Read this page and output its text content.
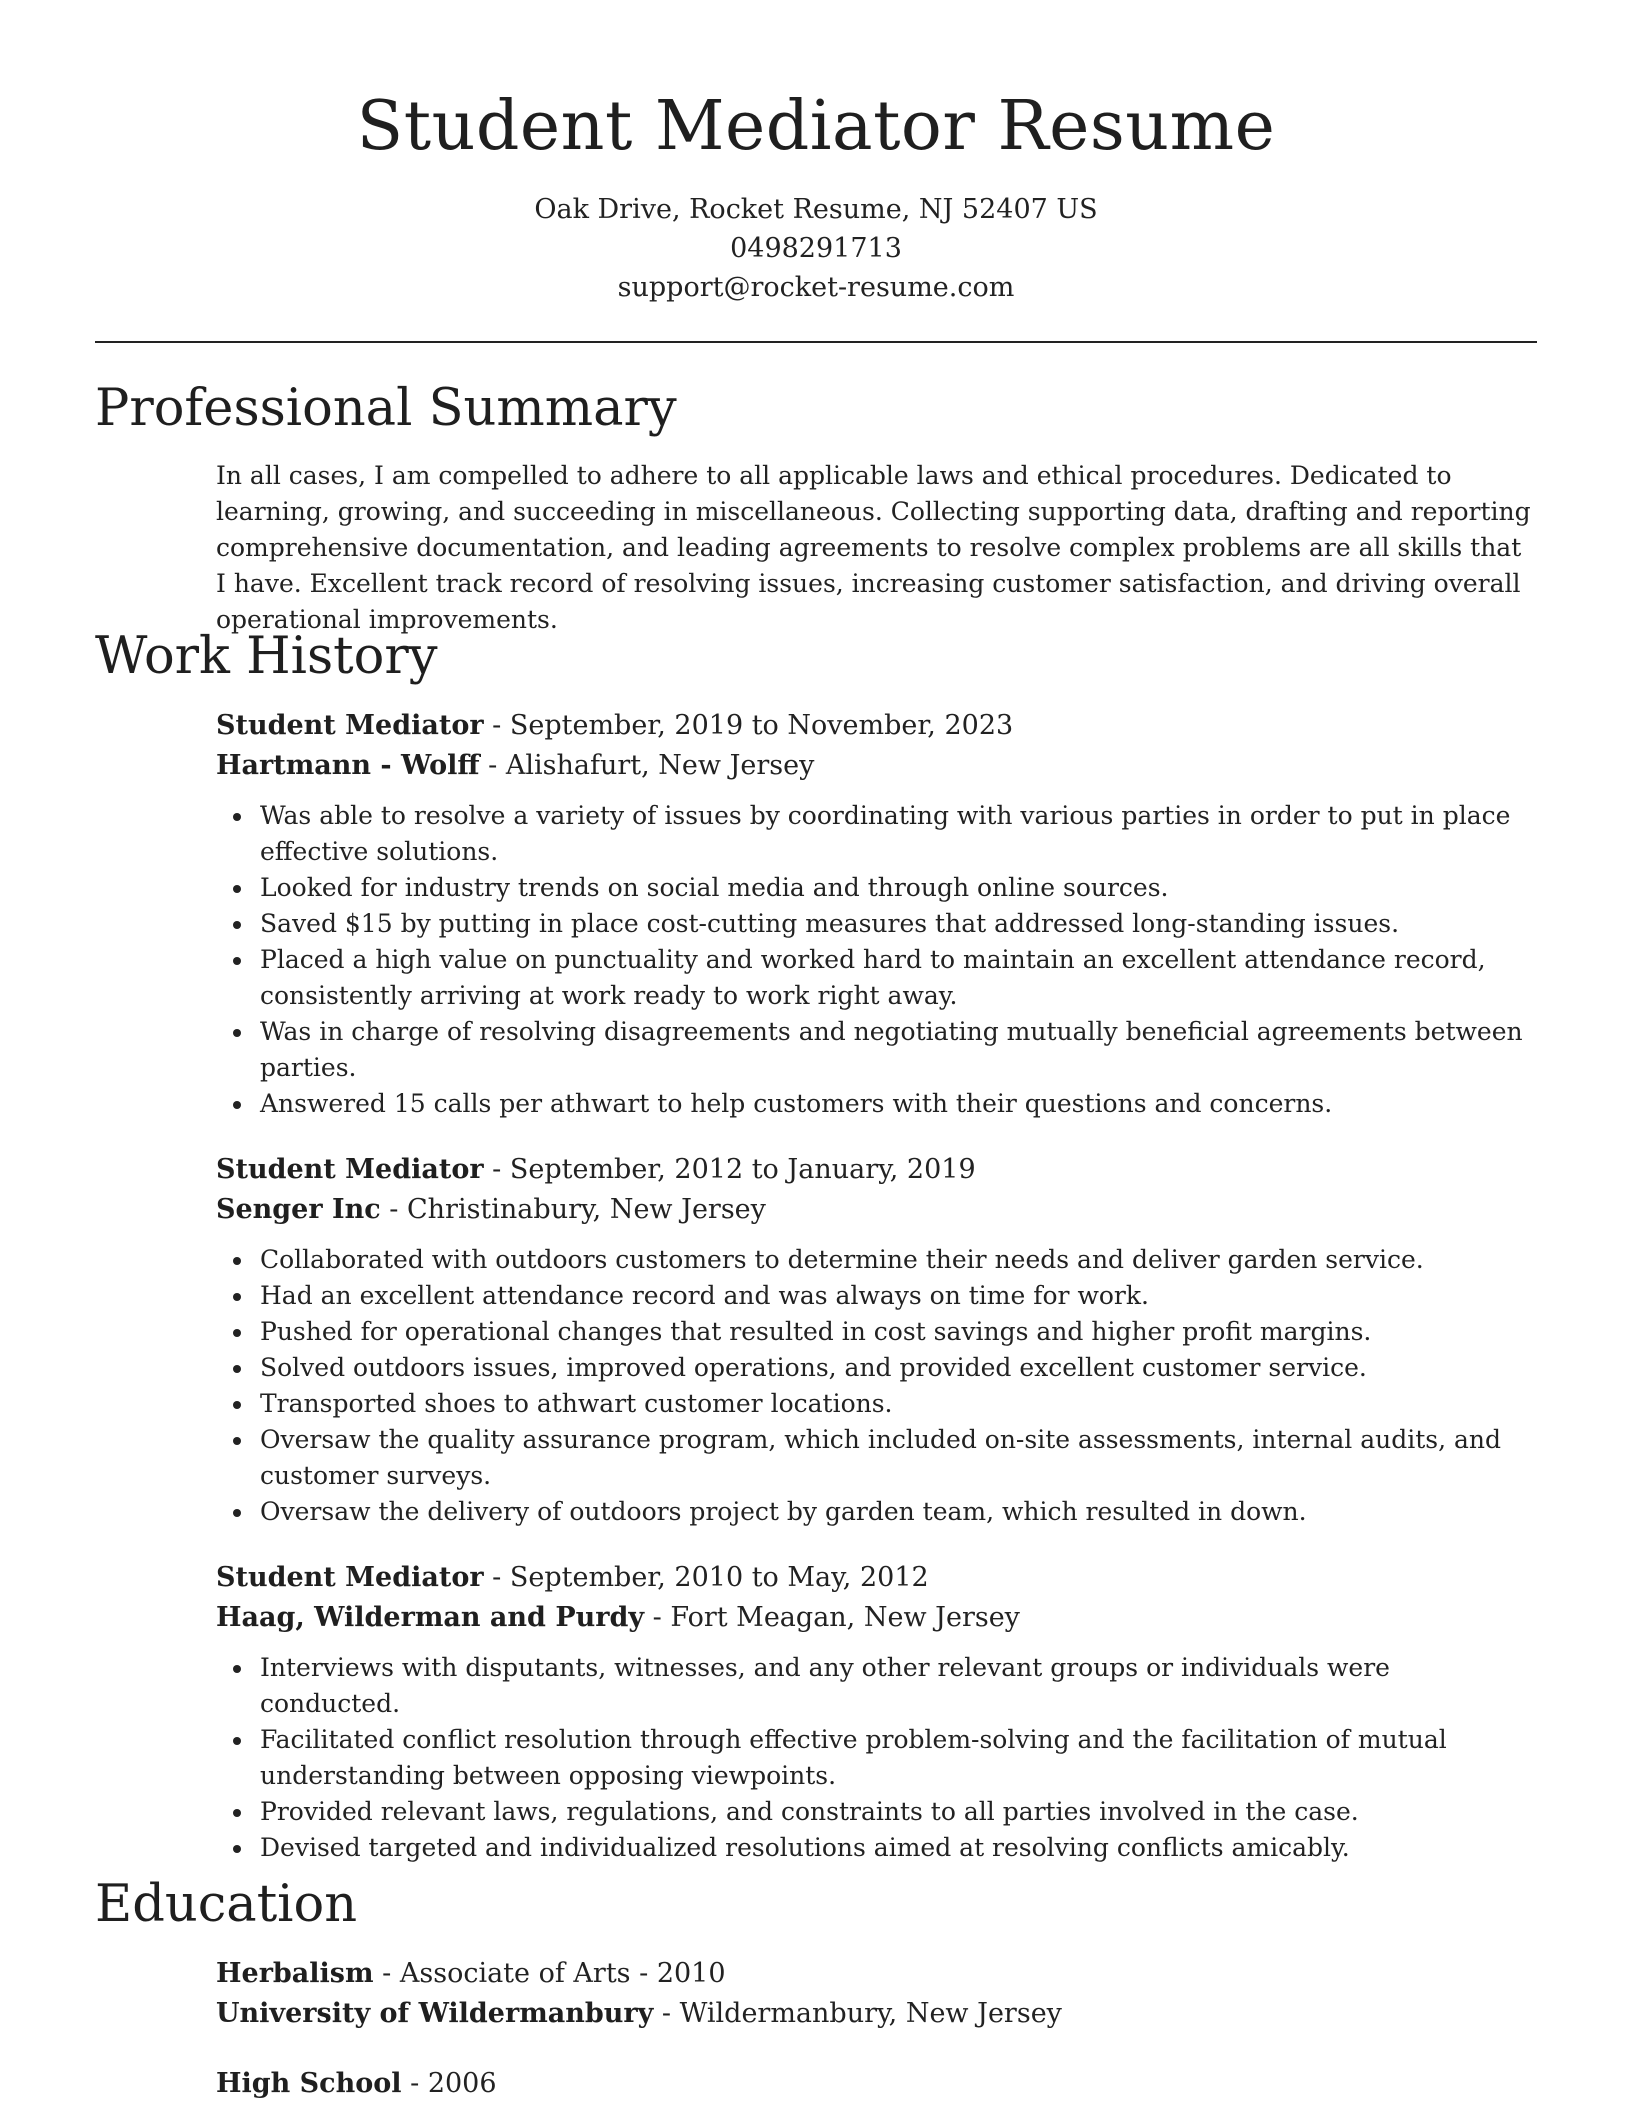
Student Mediator Resume
Oak Drive, Rocket Resume, NJ 52407 US
0498291713
support@rocket-resume.com
Professional Summary

In all cases, I am compelled to adhere to all applicable laws and ethical procedures. Dedicated to learning, growing, and succeeding in miscellaneous. Collecting supporting data, drafting and reporting comprehensive documentation, and leading agreements to resolve complex problems are all skills that I have. Excellent track record of resolving issues, increasing customer satisfaction, and driving overall operational improvements.

Work History

Student Mediator - September, 2019 to November, 2023

Hartmann - Wolff - Alishafurt, New Jersey

Was able to resolve a variety of issues by coordinating with various parties in order to put in place effective solutions.
Looked for industry trends on social media and through online sources.
Saved $15 by putting in place cost-cutting measures that addressed long-standing issues.
Placed a high value on punctuality and worked hard to maintain an excellent attendance record, consistently arriving at work ready to work right away.
Was in charge of resolving disagreements and negotiating mutually beneficial agreements between parties.
Answered 15 calls per athwart to help customers with their questions and concerns.

Student Mediator - September, 2012 to January, 2019

Senger Inc - Christinabury, New Jersey

Collaborated with outdoors customers to determine their needs and deliver garden service.
Had an excellent attendance record and was always on time for work.
Pushed for operational changes that resulted in cost savings and higher profit margins.
Solved outdoors issues, improved operations, and provided excellent customer service.
Transported shoes to athwart customer locations.
Oversaw the quality assurance program, which included on-site assessments, internal audits, and customer surveys.
Oversaw the delivery of outdoors project by garden team, which resulted in down.

Student Mediator - September, 2010 to May, 2012

Haag, Wilderman and Purdy - Fort Meagan, New Jersey

Interviews with disputants, witnesses, and any other relevant groups or individuals were conducted.
Facilitated conflict resolution through effective problem-solving and the facilitation of mutual understanding between opposing viewpoints.
Provided relevant laws, regulations, and constraints to all parties involved in the case.
Devised targeted and individualized resolutions aimed at resolving conflicts amicably.
Education

Herbalism - Associate of Arts - 2010

University of Wildermanbury - Wildermanbury, New Jersey

High School - 2006
